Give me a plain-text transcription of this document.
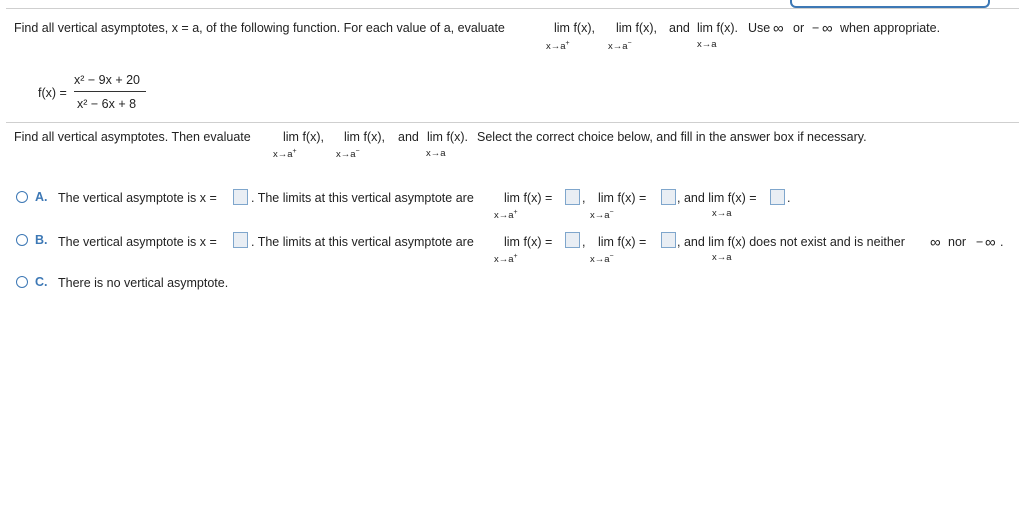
Find all vertical asymptotes, x = a, of the following function. For each value of a, evaluate	lim f(x), lim f(x), and lim f(x). Use ∞ or − ∞ when appropriate.
x→a+	x→a−	x→a
f(x) =
x² − 9x + 20
x² − 6x + 8
Find all vertical asymptotes. Then evaluate	lim f(x), lim f(x), and lim f(x). Select the correct choice below, and fill in the answer box if necessary.
x→a+	x→a−	x→a
A. The vertical asymptote is x =	. The limits at this vertical asymptote are lim f(x) = , lim f(x) = , and lim f(x) = .
x→a+	x→a−	x→a
B. The vertical asymptote is x =	. The limits at this vertical asymptote are lim f(x) = , lim f(x) = , and lim f(x) does not exist and is neither ∞ nor − ∞ .
x→a+	x→a−	x→a
C. There is no vertical asymptote.
